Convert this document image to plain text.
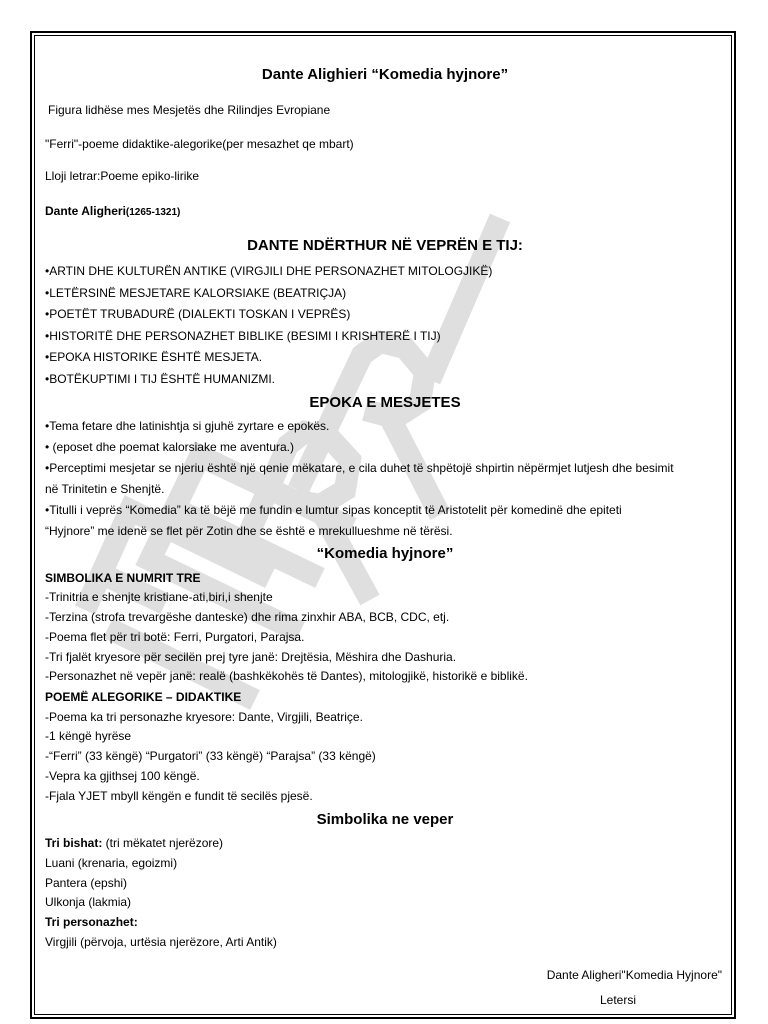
Dante Alighieri “Komedia hyjnore”
Figura lidhëse mes Mesjetës dhe Rilindjes Evropiane
"Ferri"-poeme didaktike-alegorike(per mesazhet qe mbart)
Lloji letrar:Poeme epiko-lirike
Dante Aligheri(1265-1321)
DANTE NDËRTHUR NË VEPRËN E TIJ:
•ARTIN DHE KULTURËN ANTIKE (VIRGJILI DHE PERSONAZHET MITOLOGJIKË)
•LETËRSINË MESJETARE KALORSIAKE (BEATRIÇJA)
•POETËT TRUBADURË (DIALEKTI TOSKAN I VEPRËS)
•HISTORITË DHE PERSONAZHET BIBLIKE (BESIMI I KRISHTERË I TIJ)
•EPOKA HISTORIKE ËSHTË MESJETA.
•BOTËKUPTIMI I TIJ ËSHTË HUMANIZMI.
EPOKA E MESJETES
•Tema fetare dhe latinishtja si gjuhë zyrtare e epokës.
• (eposet dhe poemat kalorsiake me aventura.)
•Perceptimi mesjetar se njeriu është një qenie mëkatare, e cila duhet të shpëtojë shpirtin nëpërmjet lutjesh dhe besimit
në Trinitetin e Shenjtë.
•Titulli i veprës “Komedia” ka të bëjë me fundin e lumtur sipas konceptit të Aristotelit për komedinë dhe epiteti
“Hyjnore” me idenë se flet për Zotin dhe se është e mrekullueshme në tërësi.
“Komedia hyjnore”
SIMBOLIKA E NUMRIT TRE
-Trinitria e shenjte kristiane-ati,biri,i shenjte
-Terzina (strofa trevargëshe danteske) dhe rima zinxhir ABA, BCB, CDC, etj.
-Poema flet për tri botë: Ferri, Purgatori, Parajsa.
-Tri fjalët kryesore për secilën prej tyre janë: Drejtësia, Mëshira dhe Dashuria.
-Personazhet në vepër janë: realë (bashkëkohës të Dantes), mitologjikë, historikë e biblikë.
POEMË ALEGORIKE – DIDAKTIKE
-Poema ka tri personazhe kryesore: Dante, Virgjili, Beatriçe.
-1 këngë hyrëse
-“Ferri” (33 këngë) “Purgatori” (33 këngë) “Parajsa” (33 këngë)
-Vepra ka gjithsej 100 këngë.
-Fjala YJET mbyll këngën e fundit të secilës pjesë.
Simbolika ne veper
Tri bishat: (tri mëkatet njerëzore)
Luani (krenaria, egoizmi)
Pantera (epshi)
Ulkonja (lakmia)
Tri personazhet:
Virgjili (përvoja, urtësia njerëzore, Arti Antik)
Dante Aligheri"Komedia Hyjnore"
Letersi
